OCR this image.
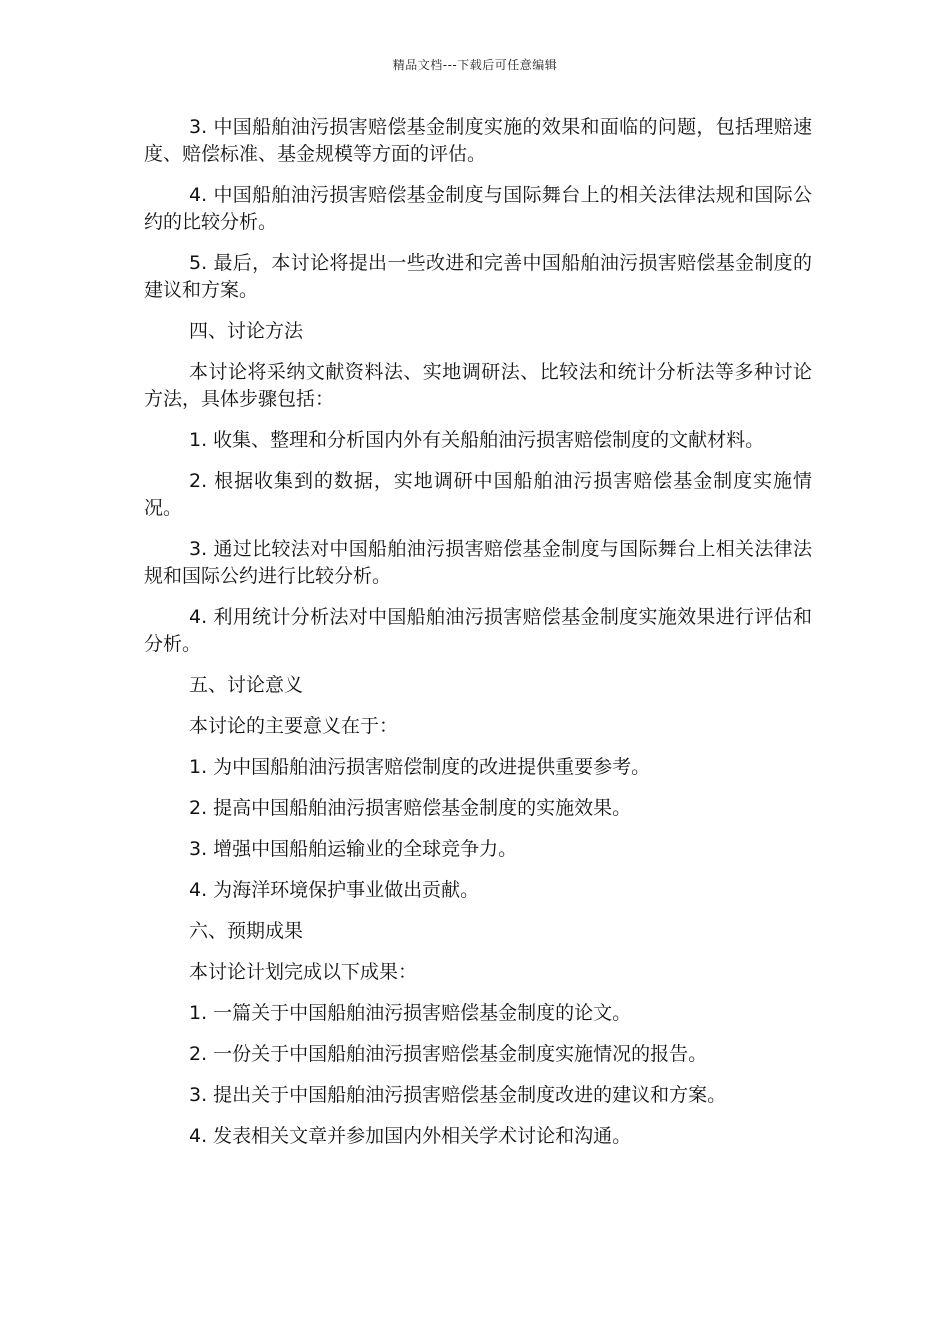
精品文档---下载后可任意编辑

3. 中国船舶油污损害赔偿基金制度实施的效果和面临的问题，包括理赔速度、赔偿标准、基金规模等方面的评估。

4. 中国船舶油污损害赔偿基金制度与国际舞台上的相关法律法规和国际公约的比较分析。

5. 最后，本讨论将提出一些改进和完善中国船舶油污损害赔偿基金制度的建议和方案。

四、讨论方法

本讨论将采纳文献资料法、实地调研法、比较法和统计分析法等多种讨论方法，具体步骤包括：

1. 收集、整理和分析国内外有关船舶油污损害赔偿制度的文献材料。

2. 根据收集到的数据，实地调研中国船舶油污损害赔偿基金制度实施情况。

3. 通过比较法对中国船舶油污损害赔偿基金制度与国际舞台上相关法律法规和国际公约进行比较分析。

4. 利用统计分析法对中国船舶油污损害赔偿基金制度实施效果进行评估和分析。

五、讨论意义

本讨论的主要意义在于：

1. 为中国船舶油污损害赔偿制度的改进提供重要参考。

2. 提高中国船舶油污损害赔偿基金制度的实施效果。

3. 增强中国船舶运输业的全球竞争力。

4. 为海洋环境保护事业做出贡献。

六、预期成果

本讨论计划完成以下成果：

1. 一篇关于中国船舶油污损害赔偿基金制度的论文。

2. 一份关于中国船舶油污损害赔偿基金制度实施情况的报告。

3. 提出关于中国船舶油污损害赔偿基金制度改进的建议和方案。

4. 发表相关文章并参加国内外相关学术讨论和沟通。
